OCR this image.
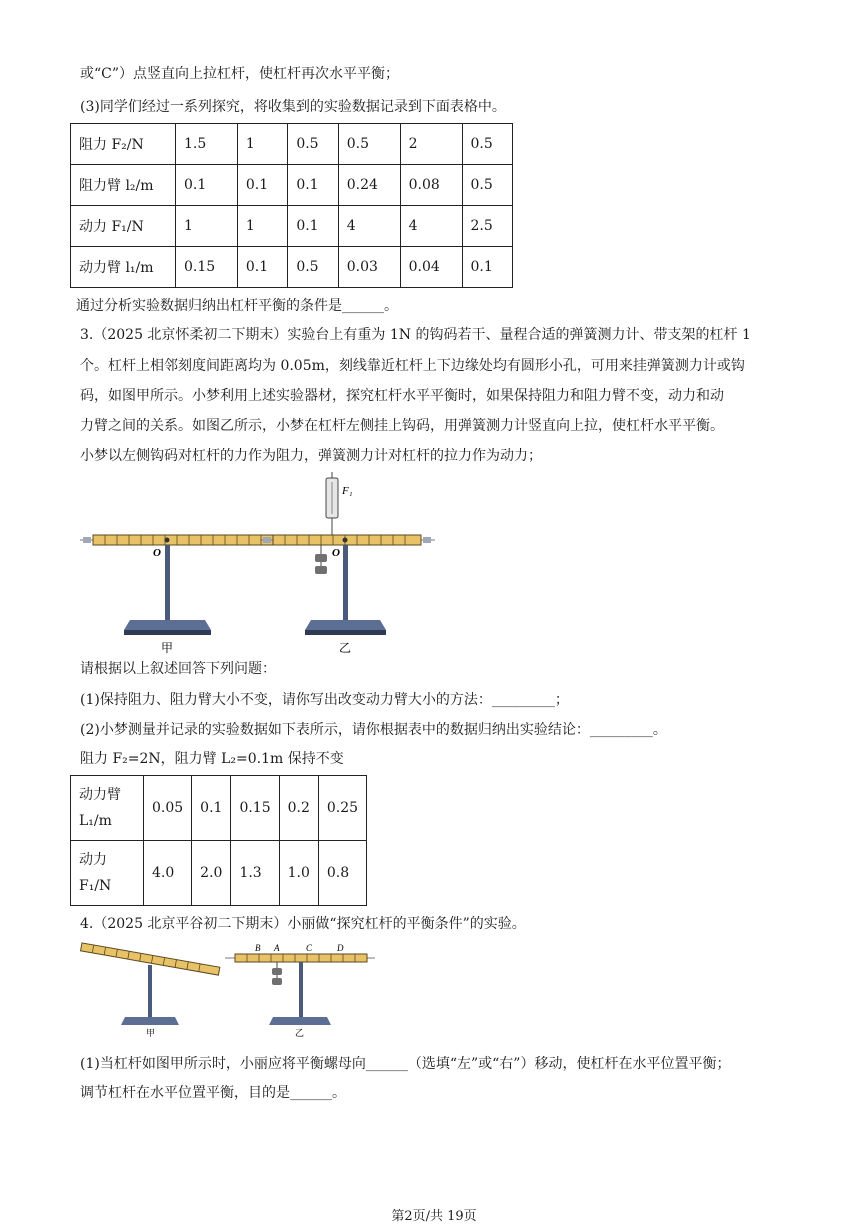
或“C”）点竖直向上拉杠杆，使杠杆再次水平平衡；
(3)同学们经过一系列探究，将收集到的实验数据记录到下面表格中。
阻力 F₂/N	1.5	1	0.5	0.5	2	0.5
阻力臂 l₂/m	0.1	0.1	0.1	0.24	0.08	0.5
动力 F₁/N	1	1	0.1	4	4	2.5
动力臂 l₁/m	0.15	0.1	0.5	0.03	0.04	0.1
通过分析实验数据归纳出杠杆平衡的条件是______。
3.（2025 北京怀柔初二下期末）实验台上有重为 1N 的钩码若干、量程合适的弹簧测力计、带支架的杠杆 1
个。杠杆上相邻刻度间距离均为 0.05m，刻线靠近杠杆上下边缘处均有圆形小孔，可用来挂弹簧测力计或钩
码，如图甲所示。小梦利用上述实验器材，探究杠杆水平平衡时，如果保持阻力和阻力臂不变，动力和动
力臂之间的关系。如图乙所示，小梦在杠杆左侧挂上钩码，用弹簧测力计竖直向上拉，使杠杆水平平衡。
小梦以左侧钩码对杠杆的力作为阻力，弹簧测力计对杠杆的拉力作为动力；
O
甲
F₁
O
乙
请根据以上叙述回答下列问题：
(1)保持阻力、阻力臂大小不变，请你写出改变动力臂大小的方法：_________；
(2)小梦测量并记录的实验数据如下表所示，请你根据表中的数据归纳出实验结论：_________。
阻力 F₂=2N，阻力臂 L₂=0.1m 保持不变
动力臂
L₁/m	0.05	0.1	0.15	0.2	0.25

动力
F₁/N	4.0	2.0	1.3	1.0	0.8
4.（2025 北京平谷初二下期末）小丽做“探究杠杆的平衡条件”的实验。
甲
B A	C	D
乙
(1)当杠杆如图甲所示时，小丽应将平衡螺母向______（选填“左”或“右”）移动，使杠杆在水平位置平衡；
调节杠杆在水平位置平衡，目的是______。
第2页/共 19页
